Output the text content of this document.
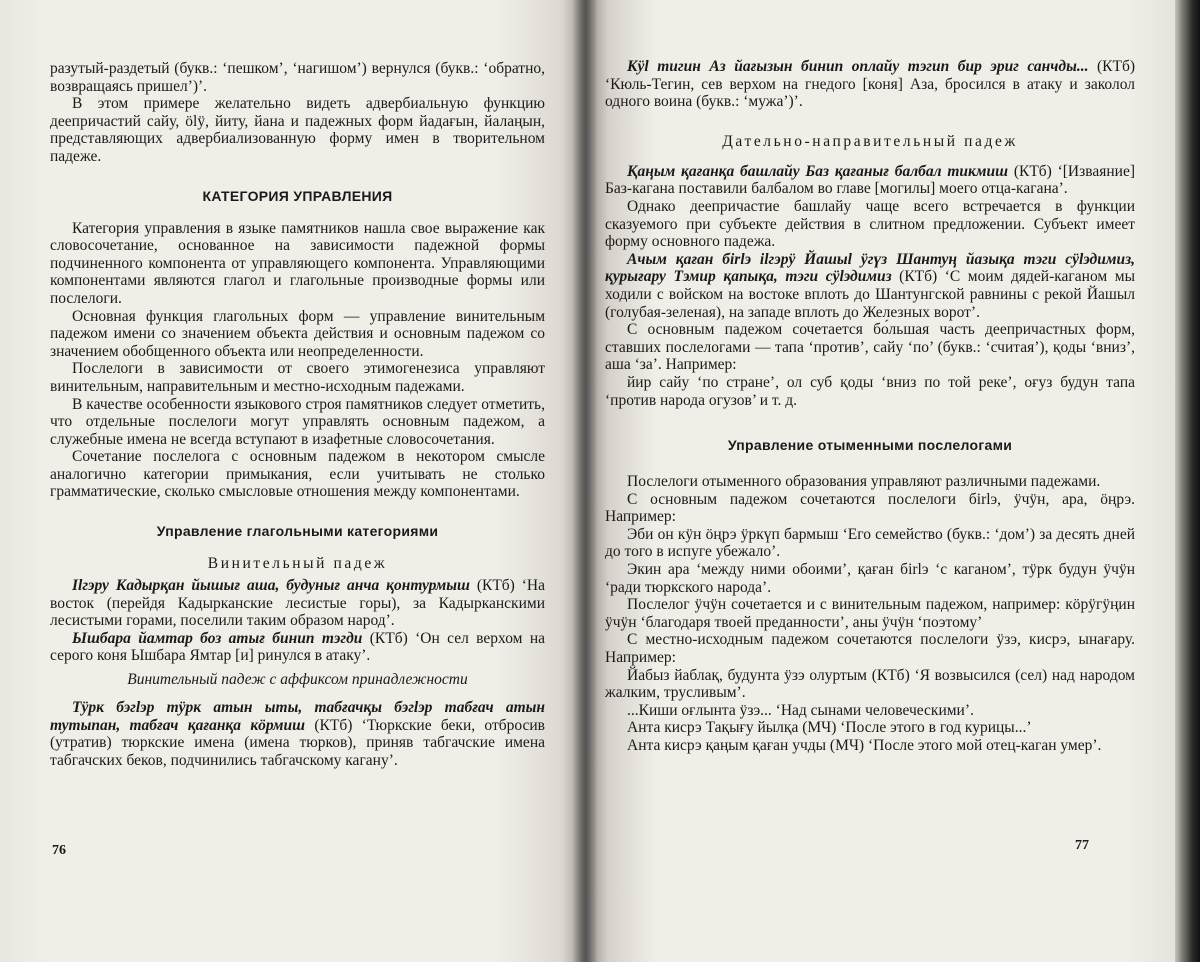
разутый-раздетый (букв.: ‘пешком’, ‘нагишом’) вернулся (букв.: ‘обратно, возвращаясь пришел’)’.

В этом примере желательно видеть адвербиальную функцию деепричастий сайу, ӧlӱ, йиту, йана и падежных форм йадағын, йалаңын, представляющих адвербиализованную форму имен в творительном падеже.

КАТЕГОРИЯ УПРАВЛЕНИЯ

Категория управления в языке памятников нашла свое выражение как словосочетание, основанное на зависимости падежной формы подчиненного компонента от управляющего компонента. Управляющими компонентами являются глагол и глагольные производные формы или послелоги.

Основная функция глагольных форм — управление винительным падежом имени со значением объекта действия и основным падежом со значением обобщенного объекта или неопределенности.

Послелоги в зависимости от своего этимогенезиса управляют винительным, направительным и местно-исходным падежами.

В качестве особенности языкового строя памятников следует отметить, что отдельные послелоги могут управлять основным падежом, а служебные имена не всегда вступают в изафетные словосочетания.

Сочетание послелога с основным падежом в некотором смысле аналогично категории примыкания, если учитывать не столько грамматические, сколько смысловые отношения между компонентами.

Управление глагольными категориями
Винительный падеж

Ilгэру Кадырқан йышығ аша, будунығ анча қонтурмыш (КТб) ‘На восток (перейдя Кадырканские лесистые горы), за Кадырканскими лесистыми горами, поселили таким образом народ’.

Ышбара йамтар боз атығ бинип тэгди (КТб) ‘Он сел верхом на серого коня Ышбара Ямтар [и] ринулся в атаку’.

Винительный падеж с аффиксом принадлежности

Тӱрк бэгlэр тӱрк атын ыты, табғачқы бэгlэр табғач атын тутыпан, табғач қағанқа кӧрмиш (КТб) ‘Тюркские беки, отбросив (утратив) тюркские имена (имена тюрков), приняв табгачские имена табгачских беков, подчинились табгачскому кагану’.

76

Кӱl тигин Аз йағызын бинип оплайу тэгип бир эриг санчды... (КТб) ‘Кюль-Тегин, сев верхом на гнедого [коня] Аза, бросился в атаку и заколол одного воина (букв.: ‘мужа’)’.

Дательно-направительный падеж

Қаңым қағанқа башлайу Баз қағанығ балбал тикмиш (КТб) ‘[Изваяние] Баз-кагана поставили балбалом во главе [могилы] моего отца-кагана’.

Однако деепричастие башлайу чаще всего встречается в функции сказуемого при субъекте действия в слитном предложении. Субъект имеет форму основного падежа.

Ачым қаған бirlэ ilгэрӱ Йашыl ӱгүз Шантуң йазықа тэги сӱlэдимиз, қурығару Тэмир қапықа, тэги сӱlэдимиз (КТб) ‘С моим дядей-каганом мы ходили с войском на востоке вплоть до Шантунгской равнины с рекой Йашыл (голубая-зеленая), на западе вплоть до Железных ворот’.

С основным падежом сочетается бо́льшая часть деепричастных форм, ставших послелогами — тапа ‘против’, сайу ‘по’ (букв.: ‘считая’), қоды ‘вниз’, аша ‘за’. Например:

йир сайу ‘по стране’, ол суб қоды ‘вниз по той реке’, оғуз будун тапа ‘против народа огузов’ и т. д.

Управление отыменными послелогами

Послелоги отыменного образования управляют различными падежами.

С основным падежом сочетаются послелоги бirlэ, ӱчӱн, ара, ӧңрэ. Например:

Эби он кӱн ӧңрэ ӱркүп бармыш ‘Его семейство (букв.: ‘дом’) за десять дней до того в испуге убежало’.

Экин ара ‘между ними обоими’, қаған бirlэ ‘с каганом’, тӱрк будун ӱчӱн ‘ради тюркского народа’.

Послелог ӱчӱн сочетается и с винительным падежом, например: кӧрӱгӱңин ӱчӱн ‘благодаря твоей преданности’, аны ӱчӱн ‘поэтому’

С местно-исходным падежом сочетаются послелоги ӱзэ, кисрэ, ынағару. Например:

Йабыз йаблақ, будунта ӱзэ олуртым (КТб) ‘Я возвысился (сел) над народом жалким, трусливым’.

...Киши оғлынта ӱзэ... ‘Над сынами человеческими’.

Анта кисрэ Тақығу йылқа (МЧ) ‘После этого в год курицы...’

Анта кисрэ қаңым қаған учды (МЧ) ‘После этого мой отец-каган умер’.

77
